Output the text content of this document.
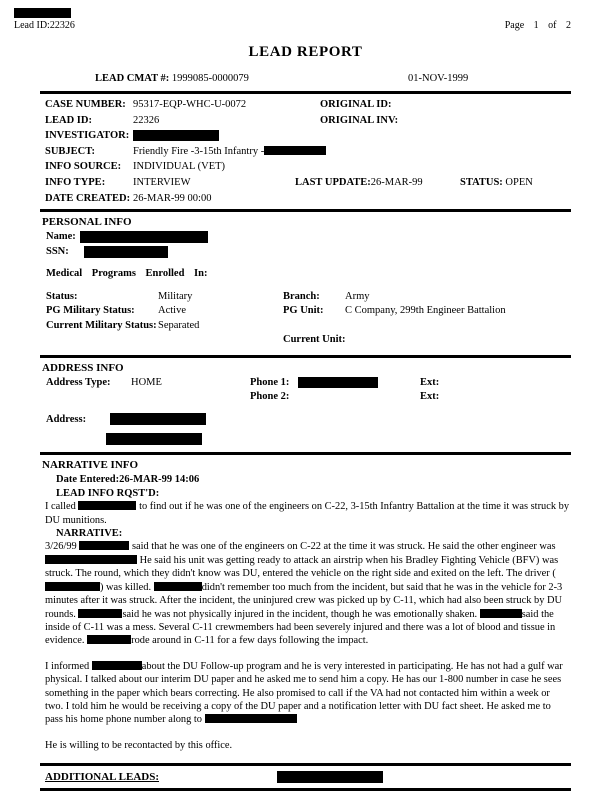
Lead ID:22326	Page 1 of 2
LEAD REPORT
LEAD CMAT #: 1999085-0000079	01-NOV-1999
CASE NUMBER: 95317-EQP-WHC-U-0072	ORIGINAL ID:
LEAD ID:	22326	ORIGINAL INV:
INVESTIGATOR:
SUBJECT:	Friendly Fire -3-15th Infantry -
INFO SOURCE:	INDIVIDUAL (VET)
INFO TYPE:	INTERVIEW	LAST UPDATE:26-MAR-99	STATUS: OPEN
DATE CREATED: 26-MAR-99 00:00
PERSONAL INFO
Name:
SSN:
Medical Programs Enrolled In:
Status:	Military	Branch:	Army
PG Military Status:	Active	PG Unit:	C Company, 299th Engineer Battalion
Current Military Status: Separated
Current Unit:
ADDRESS INFO
Address Type:	HOME	Phone 1:	Ext:
Phone 2:	Ext:
Address:
NARRATIVE INFO
Date Entered:26-MAR-99 14:06
LEAD INFO RQST'D:

I called	to find out if he was one of the engineers on C-22, 3-15th Infantry Battalion at the time it was struck by DU munitions.

NARRATIVE:

3/26/99	said that he was one of the engineers on C-22 at the time it was struck. He said the other engineer was  He said his unit was getting ready to attack an airstrip when his Bradley Fighting Vehicle (BFV) was struck. The round, which they didn't know was DU, entered the vehicle on the right side and exited on the left. The driver () was killed.	didn't remember too much from the incident, but said that he was in the vehicle for 2-3 minutes after it was struck. After the incident, the uninjured crew was picked up by C-11, which had also been struck by DU rounds.	said he was not physically injured in the incident, though he was emotionally shaken.	said the inside of C-11 was a mess. Several C-11 crewmembers had been severely injured and there was a lot of blood and tissue in evidence.	rode around in C-11 for a few days following the impact.

I informed	about the DU Follow-up program and he is very interested in participating. He has not had a gulf war physical. I talked about our interim DU paper and he asked me to send him a copy. He has our 1-800 number in case he sees something in the paper which bears correcting. He also promised to call if the VA had not contacted him within a week or two. I told him he would be receiving a copy of the DU paper and a notification letter with DU fact sheet. He asked me to pass his home phone number along to

He is willing to be recontacted by this office.

ADDITIONAL LEADS:
